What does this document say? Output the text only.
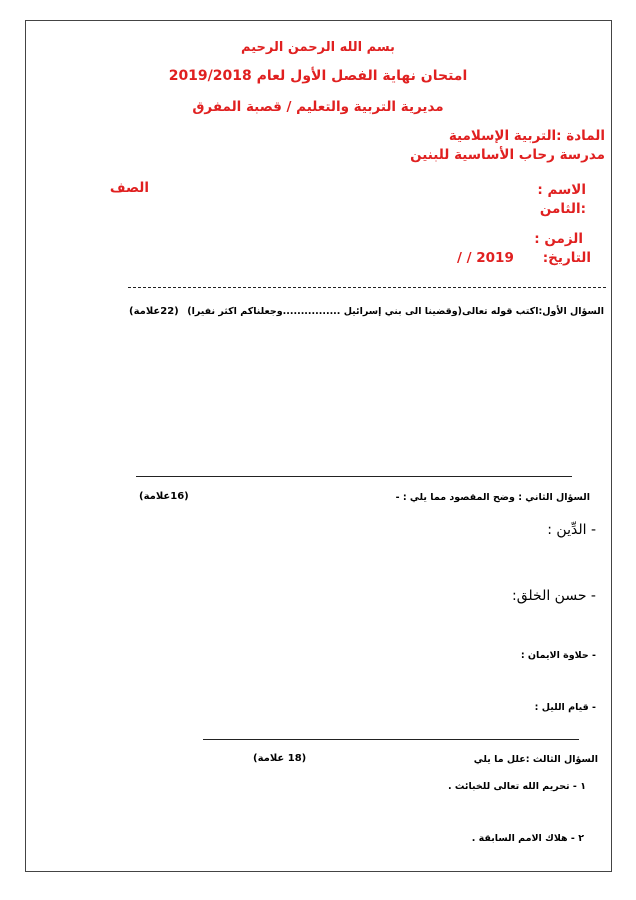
بسم الله الرحمن الرحيم
امتحان نهاية الفصل الأول لعام 2019/2018
مديرية التربية والتعليم / قصبة المفرق
المادة :التربية الإسلامية
مدرسة رحاب الأساسية للبنين
الاسم :
الصف
:الثامن
الزمن :
التاريخ:
/ / 2019
السؤال الأول:اكتب قوله تعالى(وقضينا الى بني إسرائيل ................وجعلناكم اكثر نفيرا)
(22علامة)
السؤال الثاني : وضح المقصود مما يلي : -
(16علامة)
- الدِّين :
- حسن الخلق:
- حلاوة الايمان :
- قيام الليل :
السؤال الثالث :علل ما يلي
(18 علامة)
١ - تحريم الله تعالى للخبائث .
٢ - هلاك الامم السابقة .
